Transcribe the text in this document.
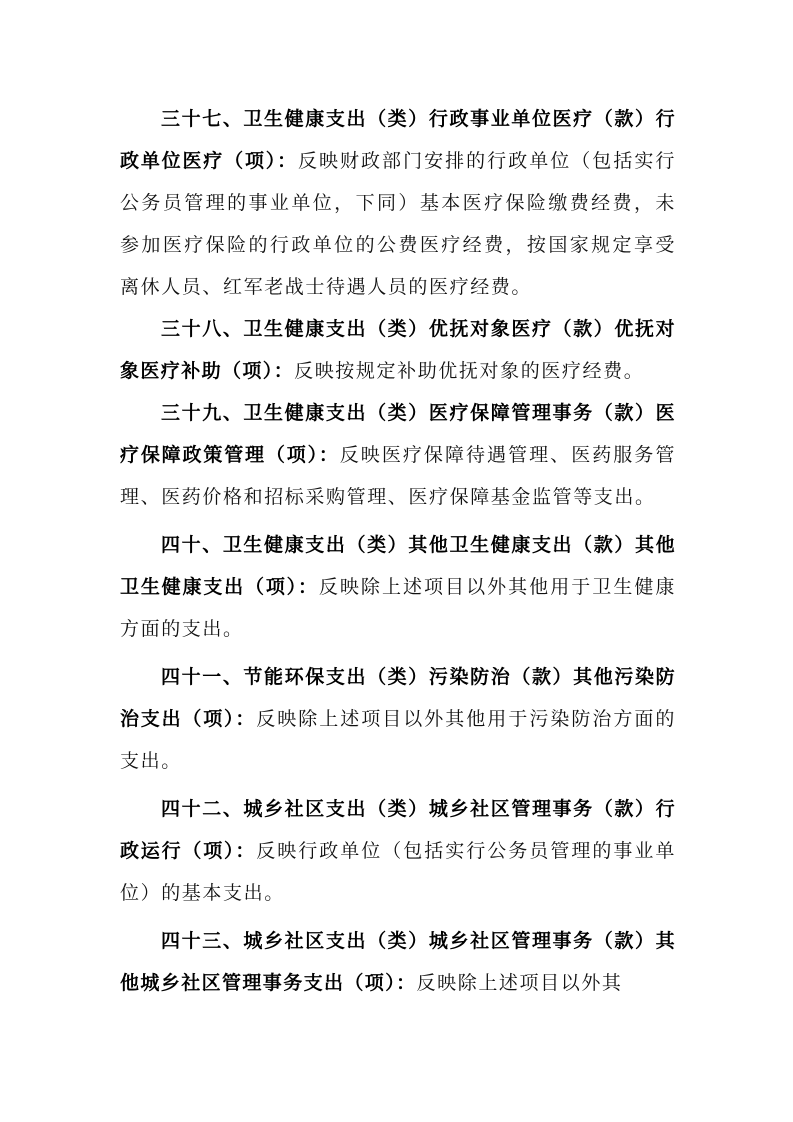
三十七、卫生健康支出（类）行政事业单位医疗（款）行政单位医疗（项）：反映财政部门安排的行政单位（包括实行公务员管理的事业单位，下同）基本医疗保险缴费经费，未参加医疗保险的行政单位的公费医疗经费，按国家规定享受离休人员、红军老战士待遇人员的医疗经费。

三十八、卫生健康支出（类）优抚对象医疗（款）优抚对象医疗补助（项）：反映按规定补助优抚对象的医疗经费。

三十九、卫生健康支出（类）医疗保障管理事务（款）医疗保障政策管理（项）：反映医疗保障待遇管理、医药服务管理、医药价格和招标采购管理、医疗保障基金监管等支出。

四十、卫生健康支出（类）其他卫生健康支出（款）其他卫生健康支出（项）：反映除上述项目以外其他用于卫生健康方面的支出。

四十一、节能环保支出（类）污染防治（款）其他污染防治支出（项）：反映除上述项目以外其他用于污染防治方面的支出。

四十二、城乡社区支出（类）城乡社区管理事务（款）行政运行（项）：反映行政单位（包括实行公务员管理的事业单位）的基本支出。

四十三、城乡社区支出（类）城乡社区管理事务（款）其他城乡社区管理事务支出（项）：反映除上述项目以外其
